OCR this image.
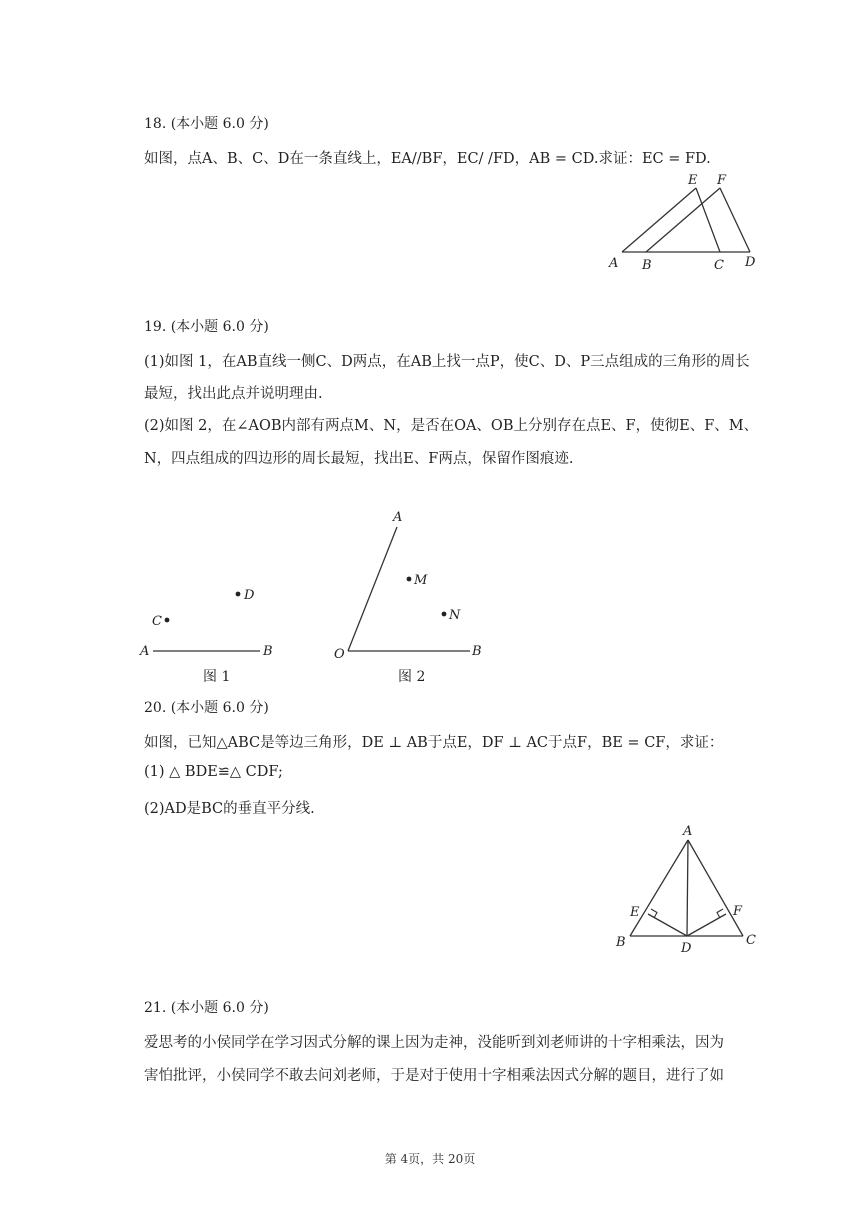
18. (本小题 6.0 分)
如图，点A、B、C、D在一条直线上，EA//BF，EC/ /FD，AB = CD.求证：EC = FD.
A B	C D
E F
19. (本小题 6.0 分)
(1)如图 1，在AB直线一侧C、D两点，在AB上找一点P，使C、D、P三点组成的三角形的周长
最短，找出此点并说明理由.
(2)如图 2，在∠AOB内部有两点M、N，是否在OA、OB上分别存在点E、F，使彻E、F、M、
N，四点组成的四边形的周长最短，找出E、F两点，保留作图痕迹.
A	B
C
D
图 1
A
O	B
M
N
图 2
20. (本小题 6.0 分)
如图，已知△ABC是等边三角形，DE ⊥ AB于点E，DF ⊥ AC于点F，BE = CF，求证：
(1) △ BDE≌△ CDF;
(2)AD是BC的垂直平分线.
A
B	C
D
E	F
21. (本小题 6.0 分)
爱思考的小侯同学在学习因式分解的课上因为走神，没能听到刘老师讲的十字相乘法，因为
害怕批评，小侯同学不敢去问刘老师，于是对于使用十字相乘法因式分解的题目，进行了如
第 4页，共 20页
